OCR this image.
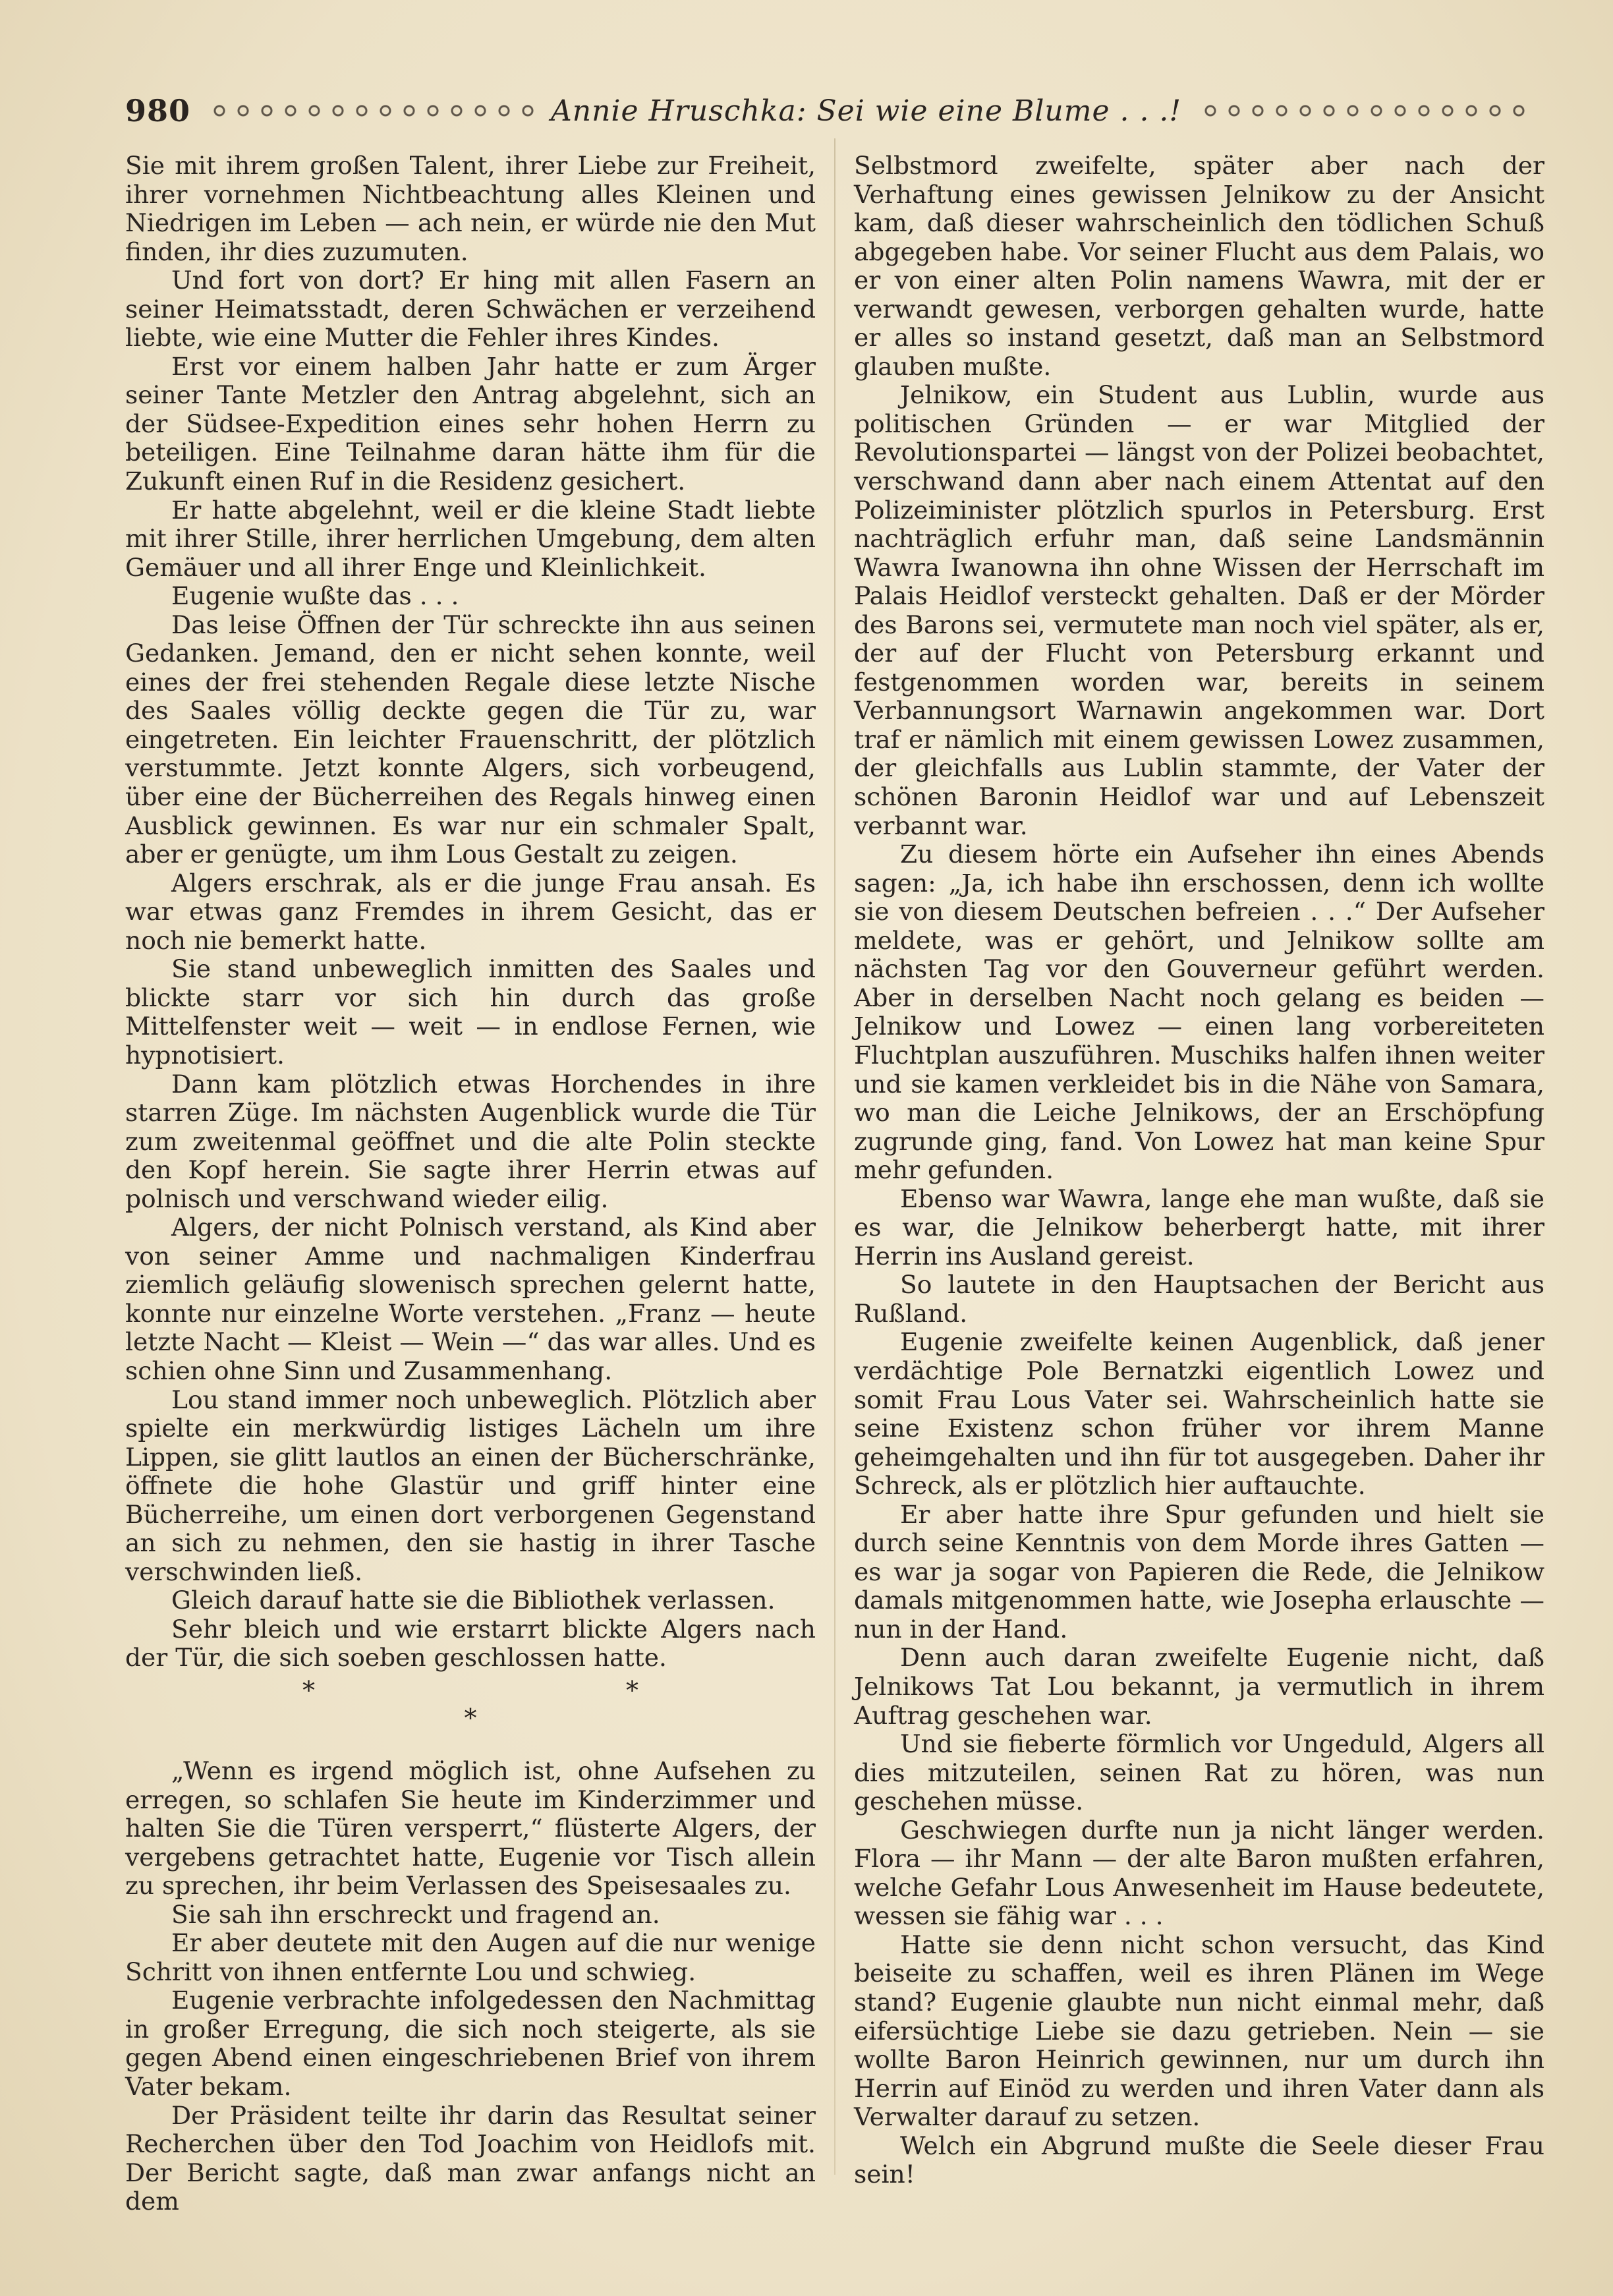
980	Annie Hruschka: Sei wie eine Blume . . .!

Sie mit ihrem großen Talent, ihrer Liebe zur Freiheit, ihrer vornehmen Nichtbeachtung alles Kleinen und Niedrigen im Leben — ach nein, er würde nie den Mut finden, ihr dies zuzumuten.

Und fort von dort? Er hing mit allen Fasern an seiner Heimatsstadt, deren Schwächen er verzeihend liebte, wie eine Mutter die Fehler ihres Kindes.

Erst vor einem halben Jahr hatte er zum Ärger seiner Tante Metzler den Antrag abgelehnt, sich an der Südsee-Expedition eines sehr hohen Herrn zu beteiligen. Eine Teilnahme daran hätte ihm für die Zukunft einen Ruf in die Residenz gesichert.

Er hatte abgelehnt, weil er die kleine Stadt liebte mit ihrer Stille, ihrer herrlichen Umgebung, dem alten Gemäuer und all ihrer Enge und Kleinlichkeit.

Eugenie wußte das . . .

Das leise Öffnen der Tür schreckte ihn aus seinen Gedanken. Jemand, den er nicht sehen konnte, weil eines der frei stehenden Regale diese letzte Nische des Saales völlig deckte gegen die Tür zu, war eingetreten. Ein leichter Frauenschritt, der plötzlich verstummte. Jetzt konnte Algers, sich vorbeugend, über eine der Bücherreihen des Regals hinweg einen Ausblick gewinnen. Es war nur ein schmaler Spalt, aber er genügte, um ihm Lous Gestalt zu zeigen.

Algers erschrak, als er die junge Frau ansah. Es war etwas ganz Fremdes in ihrem Gesicht, das er noch nie bemerkt hatte.

Sie stand unbeweglich inmitten des Saales und blickte starr vor sich hin durch das große Mittelfenster weit — weit — in endlose Fernen, wie hypnotisiert.

Dann kam plötzlich etwas Horchendes in ihre starren Züge. Im nächsten Augenblick wurde die Tür zum zweitenmal geöffnet und die alte Polin steckte den Kopf herein. Sie sagte ihrer Herrin etwas auf polnisch und verschwand wieder eilig.

Algers, der nicht Polnisch verstand, als Kind aber von seiner Amme und nachmaligen Kinderfrau ziemlich geläufig slowenisch sprechen gelernt hatte, konnte nur einzelne Worte verstehen. „Franz — heute letzte Nacht — Kleist — Wein —“ das war alles. Und es schien ohne Sinn und Zusammenhang.

Lou stand immer noch unbeweglich. Plötzlich aber spielte ein merkwürdig listiges Lächeln um ihre Lippen, sie glitt lautlos an einen der Bücherschränke, öffnete die hohe Glastür und griff hinter eine Bücherreihe, um einen dort verborgenen Gegenstand an sich zu nehmen, den sie hastig in ihrer Tasche verschwinden ließ.

Gleich darauf hatte sie die Bibliothek verlassen.

Sehr bleich und wie erstarrt blickte Algers nach der Tür, die sich soeben geschlossen hatte.

* * *

„Wenn es irgend möglich ist, ohne Aufsehen zu erregen, so schlafen Sie heute im Kinderzimmer und halten Sie die Türen versperrt,“ flüsterte Algers, der vergebens getrachtet hatte, Eugenie vor Tisch allein zu sprechen, ihr beim Verlassen des Speisesaales zu.

Sie sah ihn erschreckt und fragend an.

Er aber deutete mit den Augen auf die nur wenige Schritt von ihnen entfernte Lou und schwieg.

Eugenie verbrachte infolgedessen den Nachmittag in großer Erregung, die sich noch steigerte, als sie gegen Abend einen eingeschriebenen Brief von ihrem Vater bekam.

Der Präsident teilte ihr darin das Resultat seiner Recherchen über den Tod Joachim von Heidlofs mit. Der Bericht sagte, daß man zwar anfangs nicht an dem

Selbstmord zweifelte, später aber nach der Verhaftung eines gewissen Jelnikow zu der Ansicht kam, daß dieser wahrscheinlich den tödlichen Schuß abgegeben habe. Vor seiner Flucht aus dem Palais, wo er von einer alten Polin namens Wawra, mit der er verwandt gewesen, verborgen gehalten wurde, hatte er alles so instand gesetzt, daß man an Selbstmord glauben mußte.

Jelnikow, ein Student aus Lublin, wurde aus politischen Gründen — er war Mitglied der Revolutionspartei — längst von der Polizei beobachtet, verschwand dann aber nach einem Attentat auf den Polizeiminister plötzlich spurlos in Petersburg. Erst nachträglich erfuhr man, daß seine Landsmännin Wawra Iwanowna ihn ohne Wissen der Herrschaft im Palais Heidlof versteckt gehalten. Daß er der Mörder des Barons sei, vermutete man noch viel später, als er, der auf der Flucht von Petersburg erkannt und festgenommen worden war, bereits in seinem Verbannungsort Warnawin angekommen war. Dort traf er nämlich mit einem gewissen Lowez zusammen, der gleichfalls aus Lublin stammte, der Vater der schönen Baronin Heidlof war und auf Lebenszeit verbannt war.

Zu diesem hörte ein Aufseher ihn eines Abends sagen: „Ja, ich habe ihn erschossen, denn ich wollte sie von diesem Deutschen befreien . . .“ Der Aufseher meldete, was er gehört, und Jelnikow sollte am nächsten Tag vor den Gouverneur geführt werden. Aber in derselben Nacht noch gelang es beiden — Jelnikow und Lowez — einen lang vorbereiteten Fluchtplan auszuführen. Muschiks halfen ihnen weiter und sie kamen verkleidet bis in die Nähe von Samara, wo man die Leiche Jelnikows, der an Erschöpfung zugrunde ging, fand. Von Lowez hat man keine Spur mehr gefunden.

Ebenso war Wawra, lange ehe man wußte, daß sie es war, die Jelnikow beherbergt hatte, mit ihrer Herrin ins Ausland gereist.

So lautete in den Hauptsachen der Bericht aus Rußland.

Eugenie zweifelte keinen Augenblick, daß jener verdächtige Pole Bernatzki eigentlich Lowez und somit Frau Lous Vater sei. Wahrscheinlich hatte sie seine Existenz schon früher vor ihrem Manne geheimgehalten und ihn für tot ausgegeben. Daher ihr Schreck, als er plötzlich hier auftauchte.

Er aber hatte ihre Spur gefunden und hielt sie durch seine Kenntnis von dem Morde ihres Gatten — es war ja sogar von Papieren die Rede, die Jelnikow damals mitgenommen hatte, wie Josepha erlauschte — nun in der Hand.

Denn auch daran zweifelte Eugenie nicht, daß Jelnikows Tat Lou bekannt, ja vermutlich in ihrem Auftrag geschehen war.

Und sie fieberte förmlich vor Ungeduld, Algers all dies mitzuteilen, seinen Rat zu hören, was nun geschehen müsse.

Geschwiegen durfte nun ja nicht länger werden. Flora — ihr Mann — der alte Baron mußten erfahren, welche Gefahr Lous Anwesenheit im Hause bedeutete, wessen sie fähig war . . .

Hatte sie denn nicht schon versucht, das Kind beiseite zu schaffen, weil es ihren Plänen im Wege stand? Eugenie glaubte nun nicht einmal mehr, daß eifersüchtige Liebe sie dazu getrieben. Nein — sie wollte Baron Heinrich gewinnen, nur um durch ihn Herrin auf Einöd zu werden und ihren Vater dann als Verwalter darauf zu setzen.

Welch ein Abgrund mußte die Seele dieser Frau sein!
